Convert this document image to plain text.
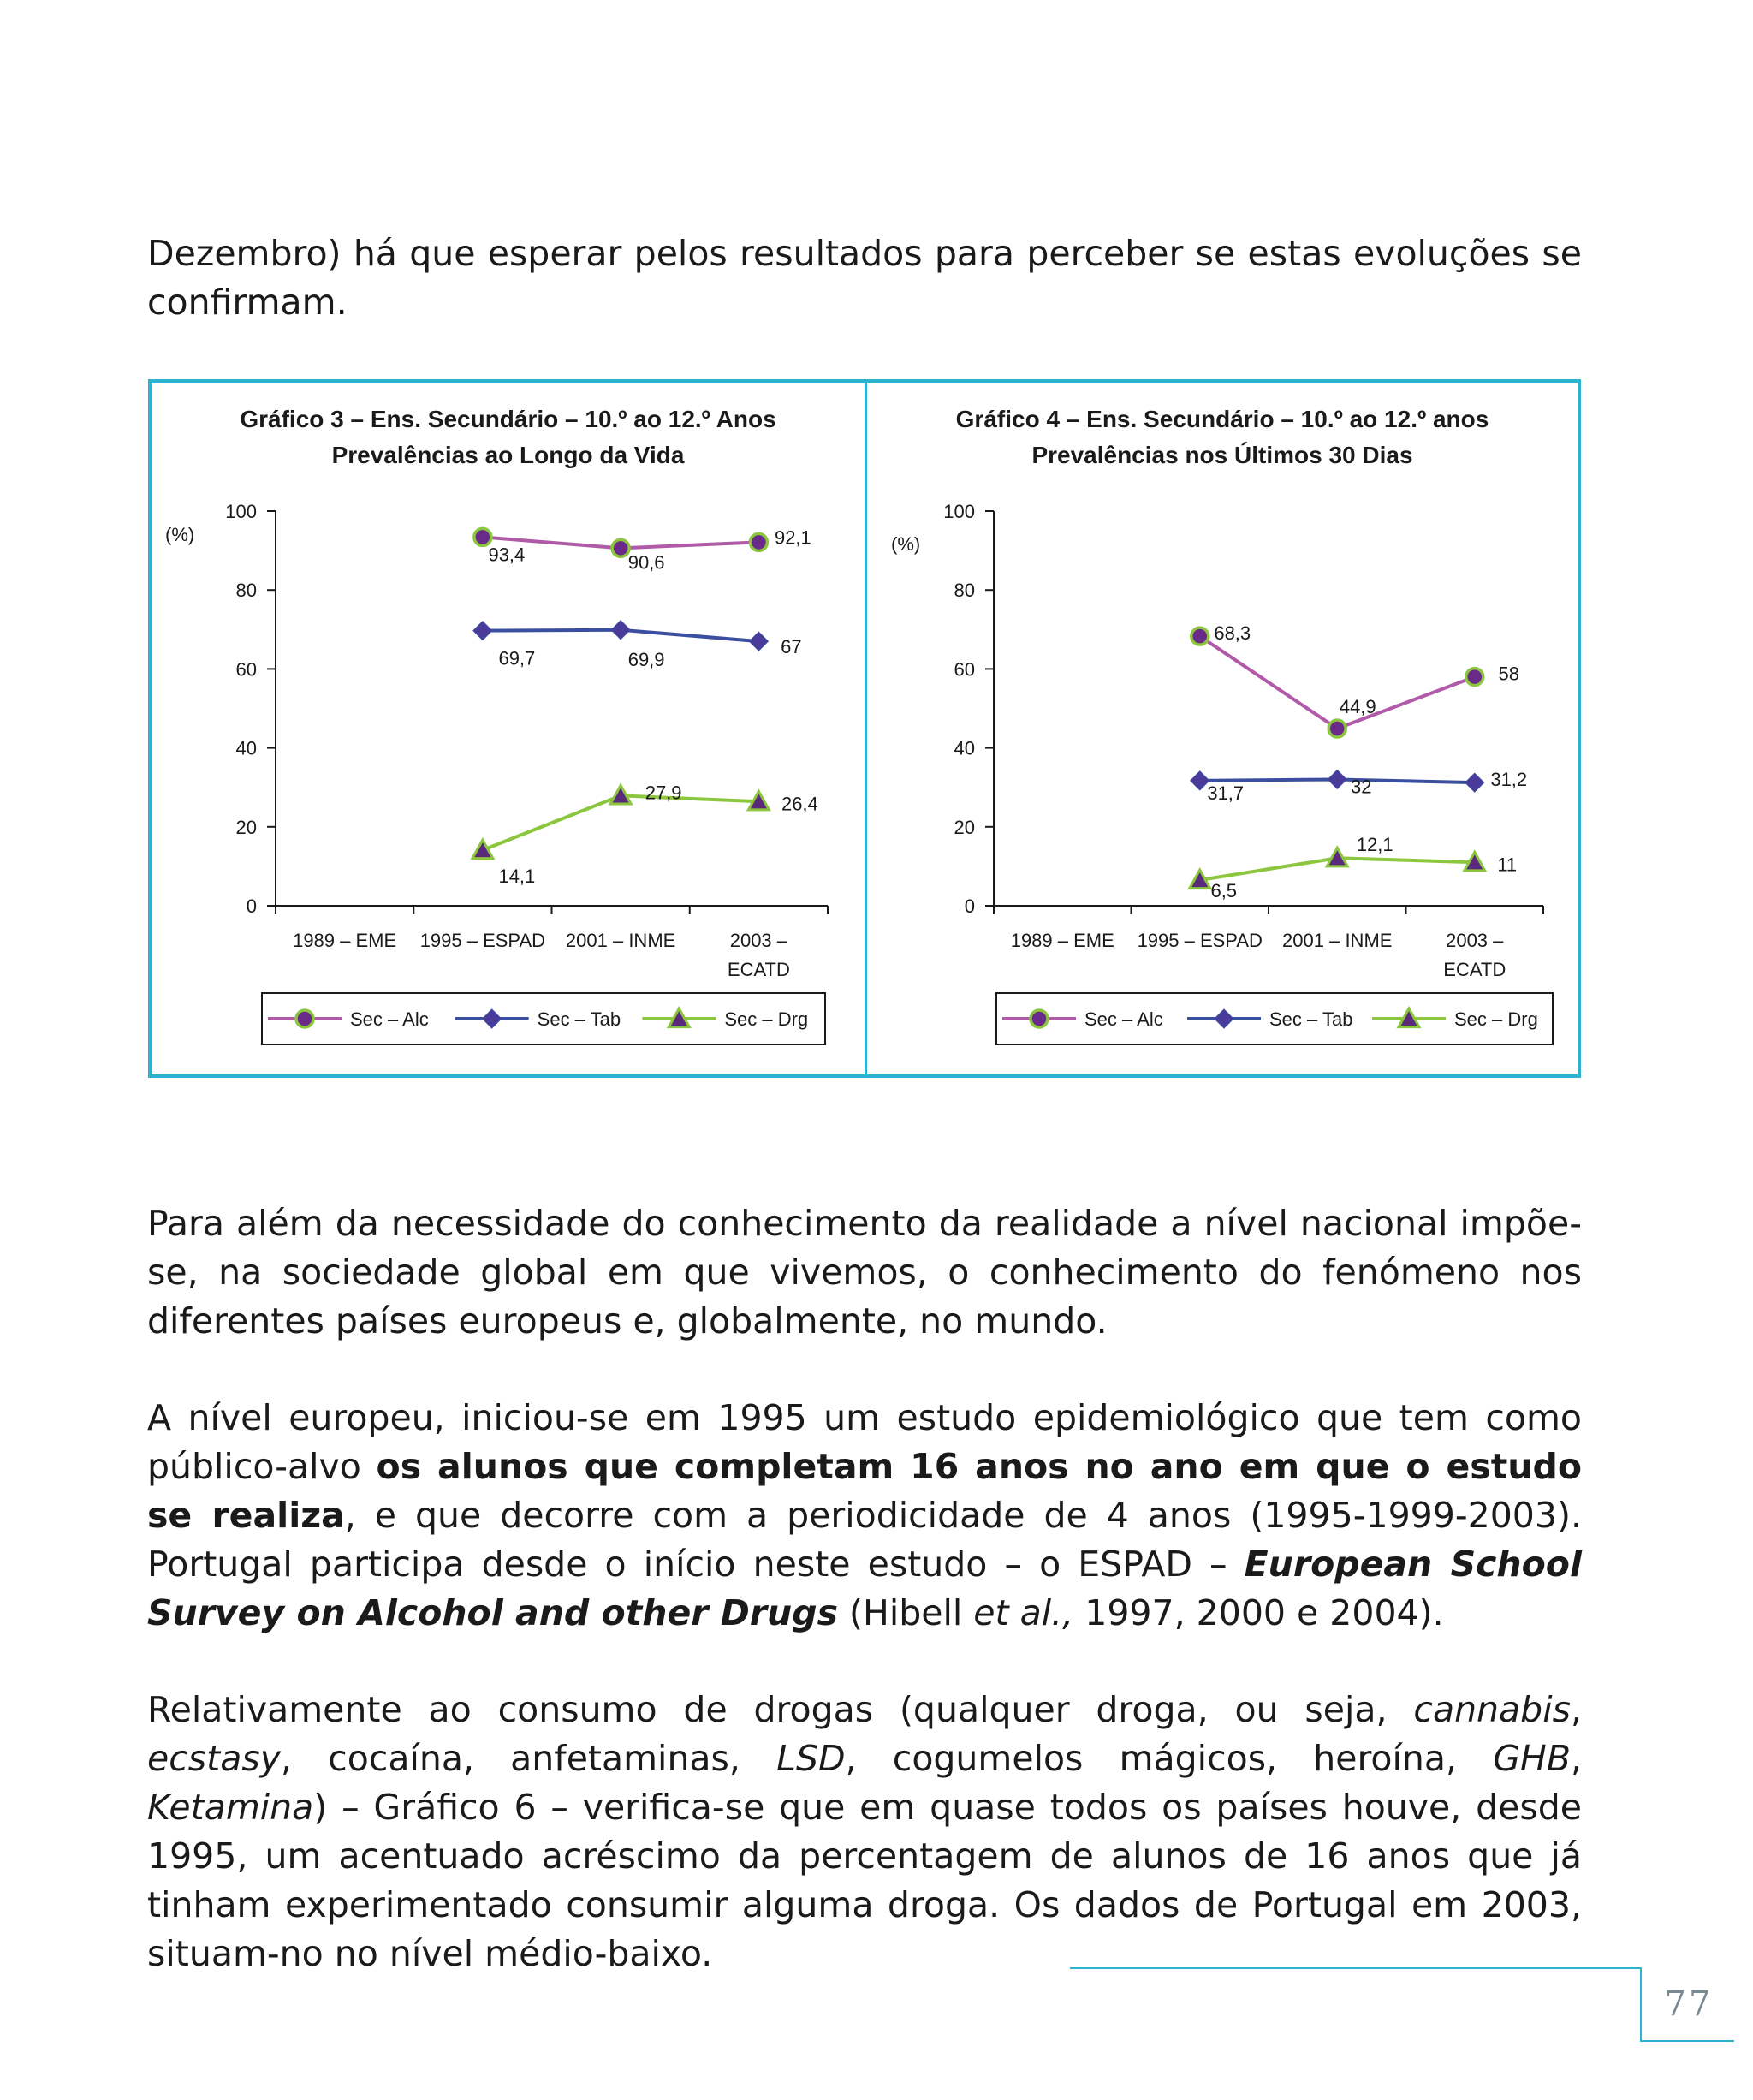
Dezembro) há que esperar pelos resultados para perceber se estas evoluções se confirmam.

Gráfico 3 – Ens. Secundário – 10.º ao 12.º Anos
Prevalências ao Longo da Vida
(%)
0
20
40
60
80
100
1989 – EME 1995 – ESPAD 2001 – INME	2003 –
ECATD
93,4	90,6
92,1
69,7	69,9
67
14,1
27,9
26,4
Sec – Alc	Sec – Tab	Sec – Drg
Gráfico 4 – Ens. Secundário – 10.º ao 12.º anos
Prevalências nos Últimos 30 Dias
(%)
0
20
40
60
80
100
1989 – EME 1995 – ESPAD 2001 – INME	2003 –
ECATD
68,3
44,9
58
31,7	32	31,2
6,5
12,1
11
Sec – Alc	Sec – Tab	Sec – Drg

Para além da necessidade do conhecimento da realidade a nível nacional impõe-se, na sociedade global em que vivemos, o conhecimento do fenómeno nos diferentes países europeus e, globalmente, no mundo.

A nível europeu, iniciou-se em 1995 um estudo epidemiológico que tem como público-alvo os alunos que completam 16 anos no ano em que o estudo se realiza, e que decorre com a periodicidade de 4 anos (1995-1999-2003). Portugal participa desde o início neste estudo – o ESPAD – European School Survey on Alcohol and other Drugs (Hibell et al., 1997, 2000 e 2004).

Relativamente ao consumo de drogas (qualquer droga, ou seja, cannabis, ecstasy, cocaína, anfetaminas, LSD, cogumelos mágicos, heroína, GHB, Ketamina) – Gráfico 6 – verifica-se que em quase todos os países houve, desde 1995, um acentuado acréscimo da percentagem de alunos de 16 anos que já tinham experimentado consumir alguma droga. Os dados de Portugal em 2003, situam-no no nível médio-baixo.

77
